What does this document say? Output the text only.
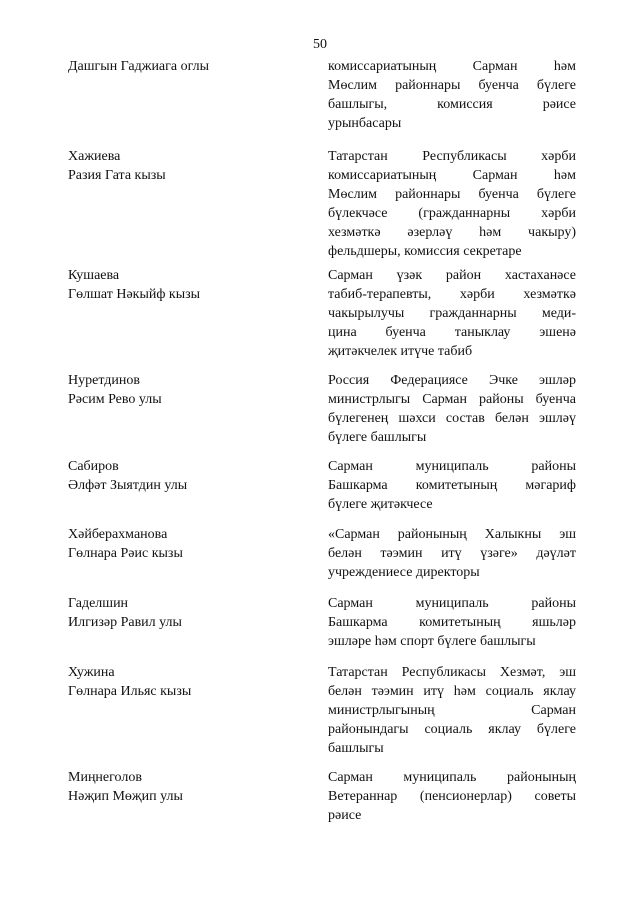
50
Дашгын Гаджиага оглы	комиссариатының Сарман һәм
Мөслим районнары буенча бүлеге
башлыгы, комиссия рәисе
урынбасары
Хажиева
Разия Гата кызы
Татарстан Республикасы хәрби
комиссариатының Сарман һәм
Мөслим районнары буенча бүлеге
бүлекчәсе (гражданнарны хәрби
хезмәткә әзерләү һәм чакыру)
фельдшеры, комиссия секретаре
Кушаева
Гөлшат Нәкыйф кызы
Сарман үзәк район хастаханәсе
табиб-терапевты, хәрби хезмәткә
чакырылучы гражданнарны меди-
цина буенча таныклау эшенә
җитәкчелек итүче табиб
Нуретдинов
Рәсим Рево улы
Россия Федерациясе Эчке эшләр
министрлыгы Сарман районы буенча
бүлегенең шәхси состав белән эшләү
бүлеге башлыгы
Сабиров
Әлфәт Зыятдин улы
Сарман муниципаль районы
Башкарма комитетының мәгариф
бүлеге җитәкчесе
Хәйберахманова
Гөлнара Рәис кызы
«Сарман районының Халыкны эш
белән тәэмин итү үзәге» дәүләт
учреждениесе директоры
Гаделшин
Илгизәр Равил улы
Сарман муниципаль районы
Башкарма комитетының яшьләр
эшләре һәм спорт бүлеге башлыгы
Хужина
Гөлнара Ильяс кызы
Татарстан Республикасы Хезмәт, эш
белән тәэмин итү һәм социаль яклау
министрлыгының Сарман
районындагы социаль яклау бүлеге
башлыгы
Миңнеголов
Нәҗип Мөҗип улы
Сарман муниципаль районының
Ветераннар (пенсионерлар) советы
рәисе
